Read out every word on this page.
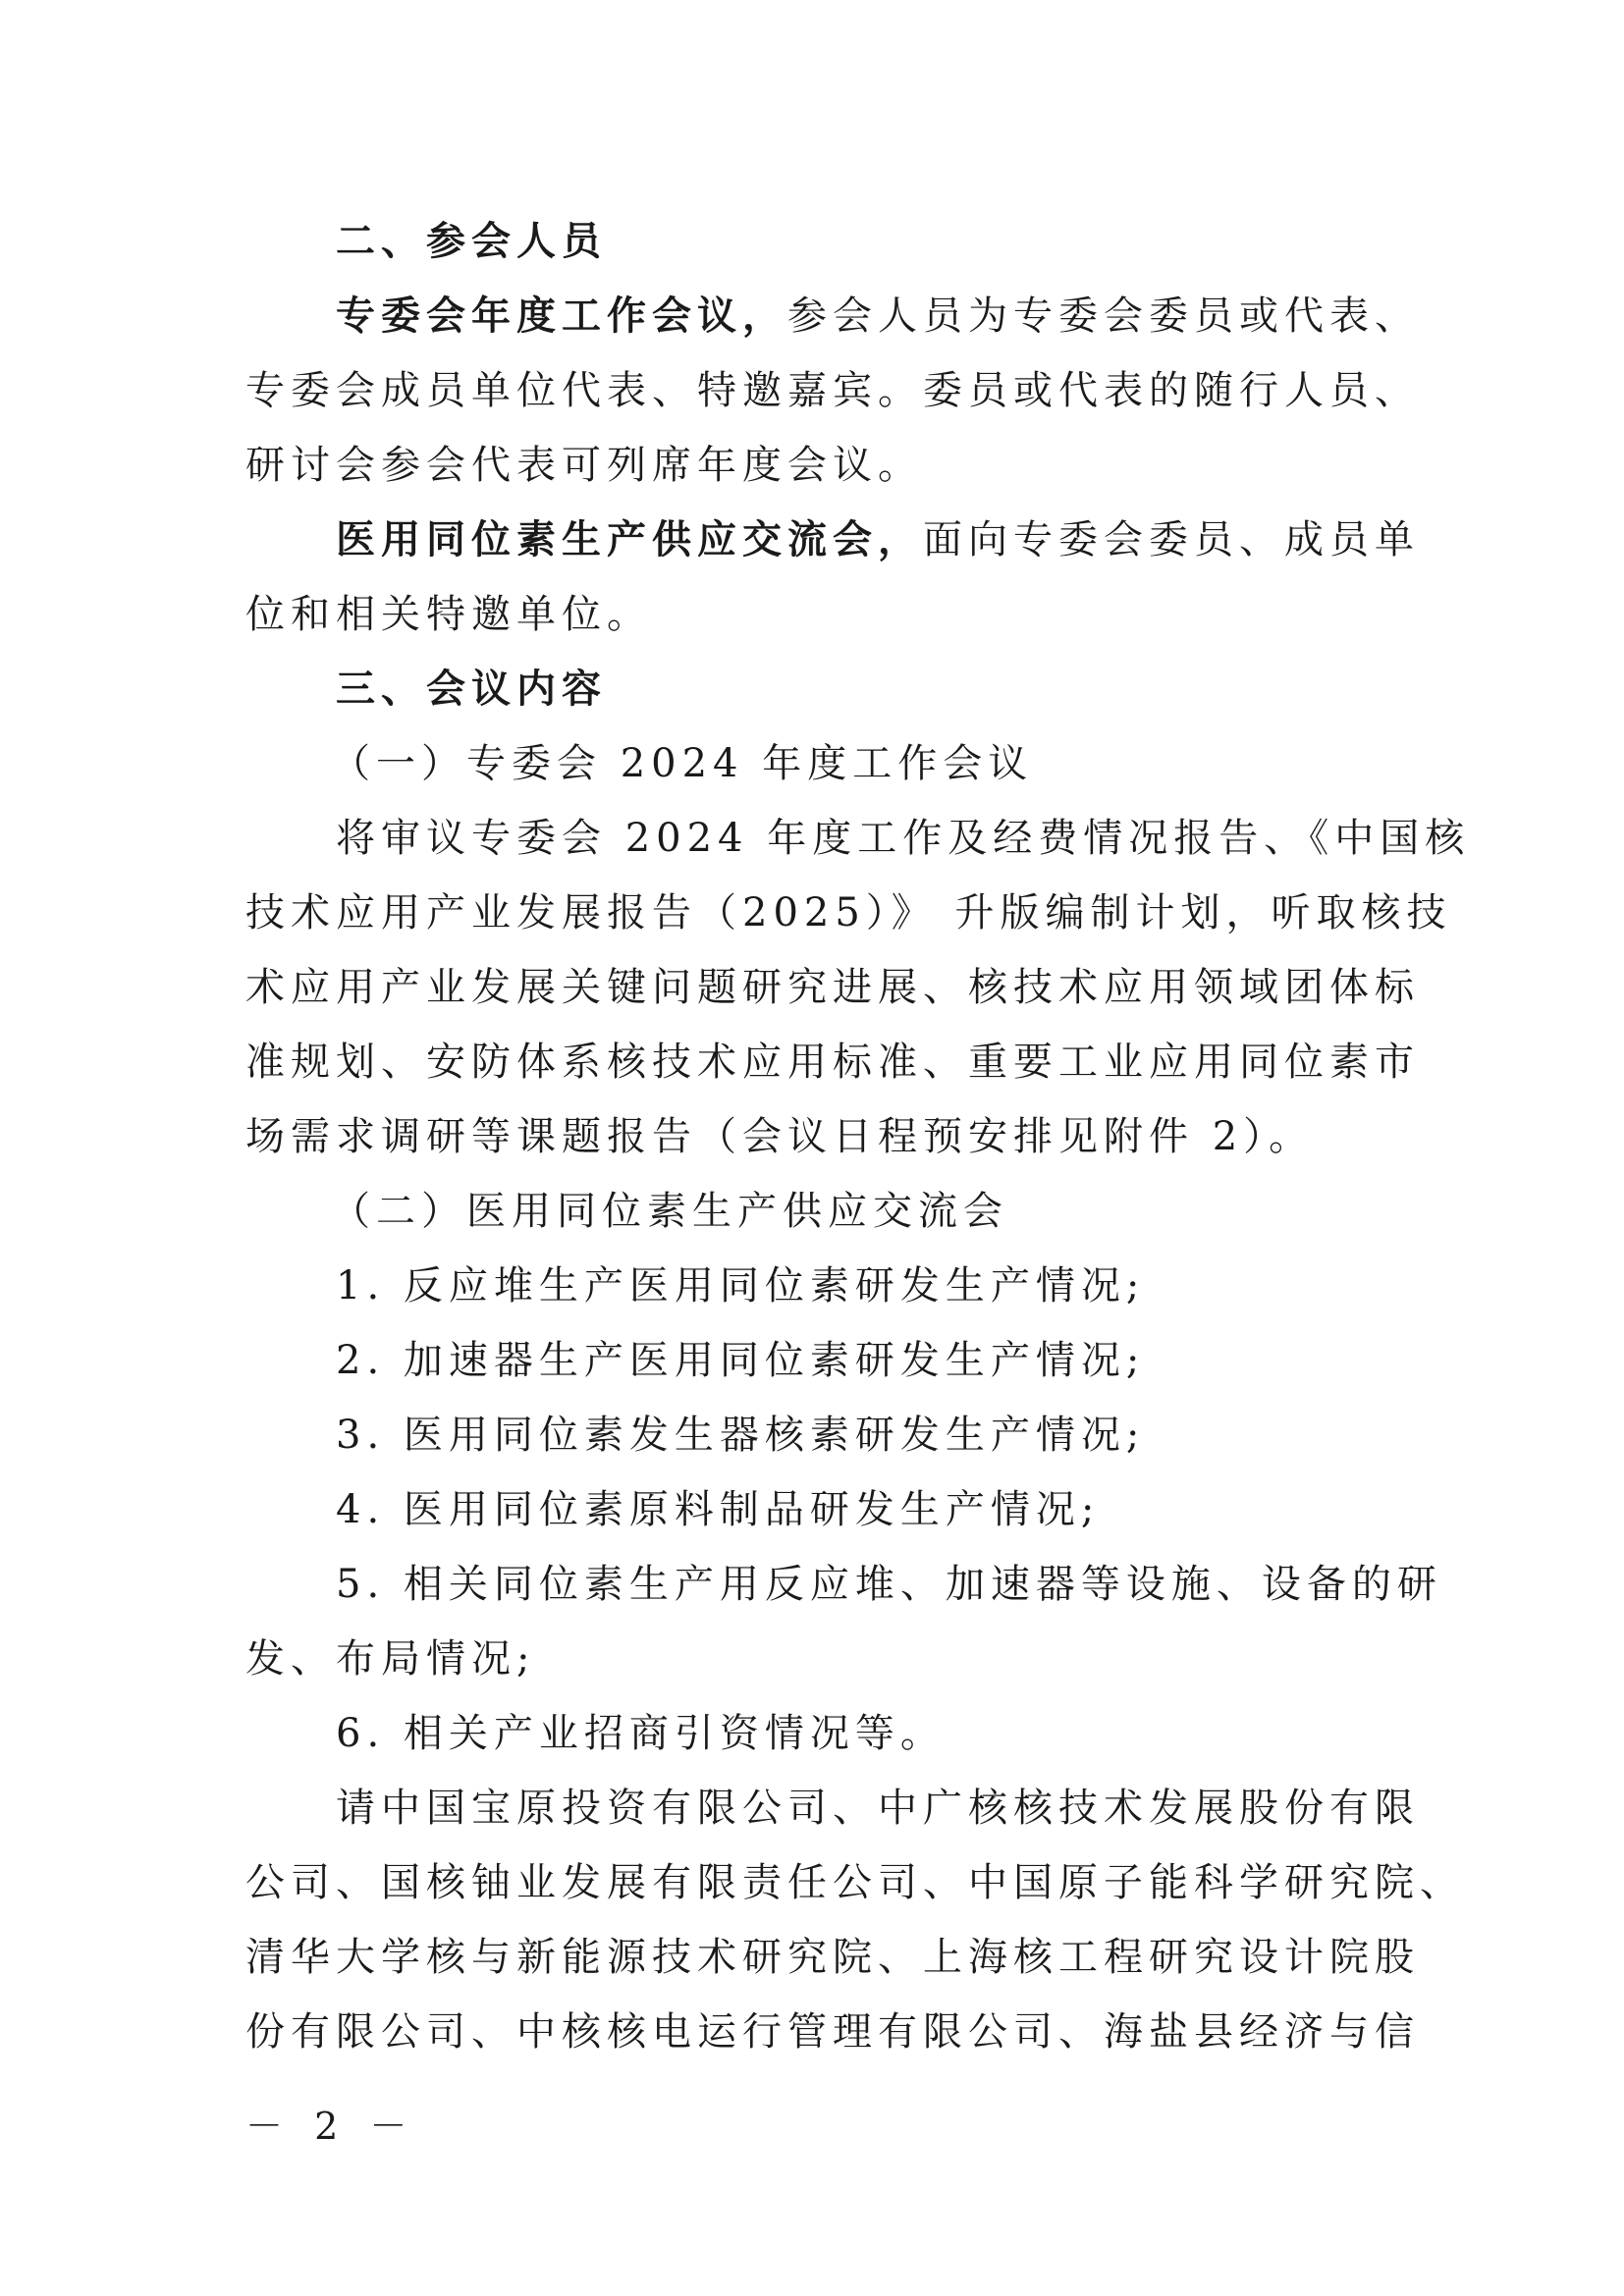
二、参会人员
专委会年度工作会议，参会人员为专委会委员或代表、
专委会成员单位代表、特邀嘉宾。委员或代表的随行人员、
研讨会参会代表可列席年度会议。
医用同位素生产供应交流会，面向专委会委员、成员单
位和相关特邀单位。
三、会议内容
（一）专委会 2024 年度工作会议
将审议专委会 2024 年度工作及经费情况报告、《中国核
技术应用产业发展报告（2025）》 升版编制计划，听取核技
术应用产业发展关键问题研究进展、核技术应用领域团体标
准规划、安防体系核技术应用标准、重要工业应用同位素市
场需求调研等课题报告（会议日程预安排见附件 2）。
（二）医用同位素生产供应交流会
1. 反应堆生产医用同位素研发生产情况;
2. 加速器生产医用同位素研发生产情况;
3. 医用同位素发生器核素研发生产情况;
4. 医用同位素原料制品研发生产情况;
5. 相关同位素生产用反应堆、加速器等设施、设备的研
发、布局情况;
6. 相关产业招商引资情况等。
请中国宝原投资有限公司、中广核核技术发展股份有限
公司、国核铀业发展有限责任公司、中国原子能科学研究院、
清华大学核与新能源技术研究院、上海核工程研究设计院股
份有限公司、中核核电运行管理有限公司、海盐县经济与信
－ 2 －
